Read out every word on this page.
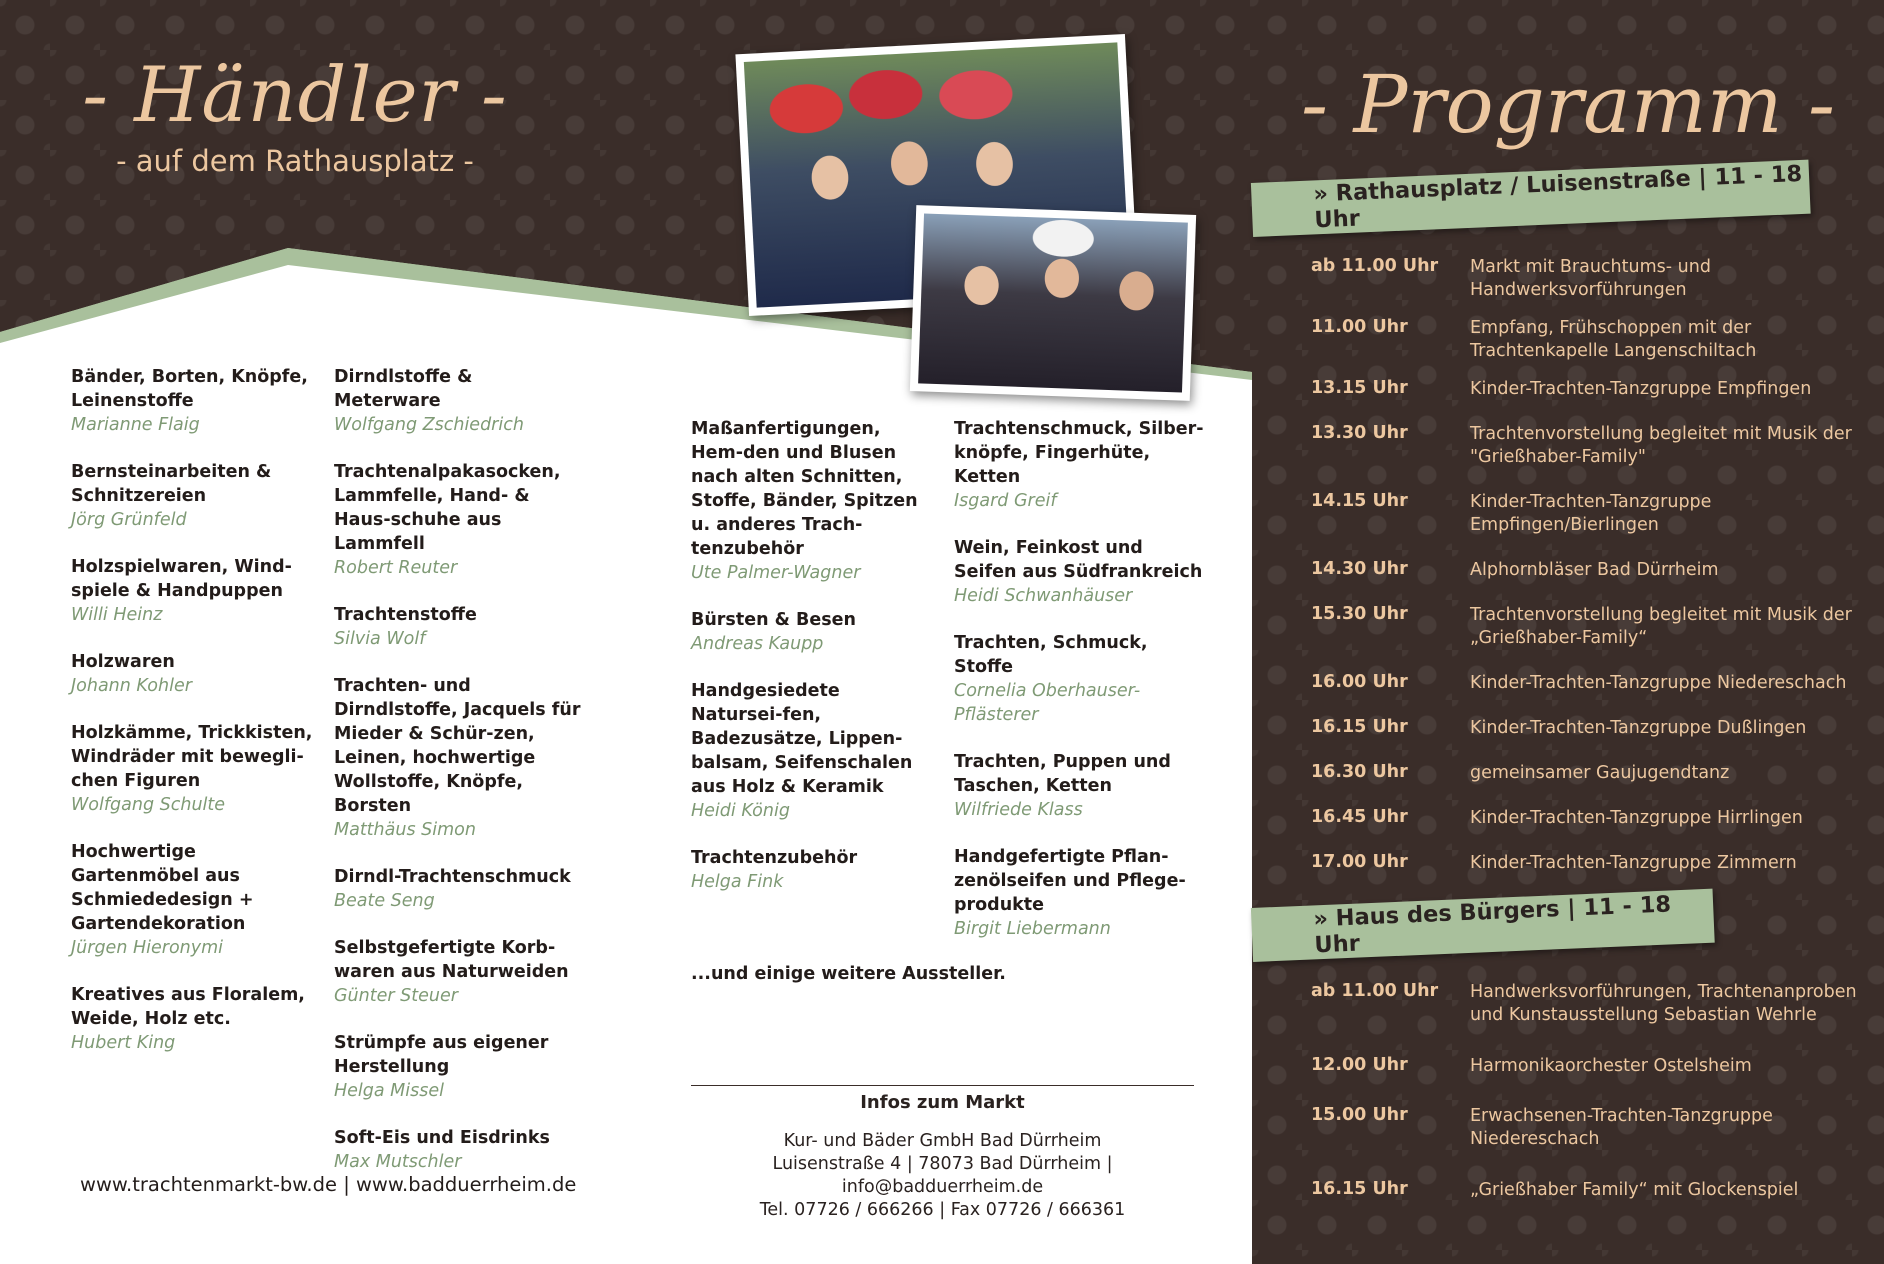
- Händler -
- auf dem Rathausplatz -
Bänder, Borten, Knöpfe, Leinenstoffe
Marianne Flaig
Bernsteinarbeiten & Schnitzereien
Jörg Grünfeld
Holzspielwaren, Wind-spiele & Handpuppen
Willi Heinz
Holzwaren
Johann Kohler
Holzkämme, Trickkisten, Windräder mit bewegli-chen Figuren
Wolfgang Schulte
Hochwertige Gartenmöbel aus Schmiededesign + Gartendekoration
Jürgen Hieronymi
Kreatives aus Floralem, Weide, Holz etc.
Hubert King
Dirndlstoffe & Meterware
Wolfgang Zschiedrich
Trachtenalpakasocken, Lammfelle, Hand- & Haus-schuhe aus Lammfell
Robert Reuter
Trachtenstoffe
Silvia Wolf
Trachten- und Dirndlstoffe, Jacquels für Mieder & Schür-zen, Leinen, hochwertige Wollstoffe, Knöpfe, Borsten
Matthäus Simon
Dirndl-Trachtenschmuck
Beate Seng
Selbstgefertigte Korb-waren aus Naturweiden
Günter Steuer
Strümpfe aus eigener Herstellung
Helga Missel
Soft-Eis und Eisdrinks
Max Mutschler
Maßanfertigungen, Hem-den und Blusen nach alten Schnitten, Stoffe, Bänder, Spitzen u. anderes Trach-tenzubehör
Ute Palmer-Wagner
Bürsten & Besen
Andreas Kaupp
Handgesiedete Natursei-fen, Badezusätze, Lippen-balsam, Seifenschalen aus Holz & Keramik
Heidi König
Trachtenzubehör
Helga Fink
Trachtenschmuck, Silber-knöpfe, Fingerhüte, Ketten
Isgard Greif
Wein, Feinkost und Seifen aus Südfrankreich
Heidi Schwanhäuser
Trachten, Schmuck, Stoffe
Cornelia Oberhauser-Pflästerer
Trachten, Puppen und Taschen, Ketten
Wilfriede Klass
Handgefertigte Pflan-zenölseifen und Pflege-produkte
Birgit Liebermann
...und einige weitere Aussteller.
Infos zum Markt
Kur- und Bäder GmbH Bad Dürrheim
Luisenstraße 4 | 78073 Bad Dürrheim | info@badduerrheim.de
Tel. 07726 / 666266 | Fax 07726 / 666361
www.trachtenmarkt-bw.de | www.badduerrheim.de
- Programm -
» Rathausplatz / Luisenstraße | 11 - 18 Uhr
ab 11.00 Uhr Markt mit Brauchtums- und Handwerksvorführungen
11.00 Uhr	Empfang, Frühschoppen mit der Trachtenkapelle Langenschiltach
13.15 Uhr	Kinder-Trachten-Tanzgruppe Empfingen
13.30 Uhr	Trachtenvorstellung begleitet mit Musik der "Grießhaber-Family"
14.15 Uhr	Kinder-Trachten-Tanzgruppe Empfingen/Bierlingen
14.30 Uhr	Alphornbläser Bad Dürrheim
15.30 Uhr	Trachtenvorstellung begleitet mit Musik der „Grießhaber-Family“
16.00 Uhr	Kinder-Trachten-Tanzgruppe Niedereschach
16.15 Uhr	Kinder-Trachten-Tanzgruppe Dußlingen
16.30 Uhr	gemeinsamer Gaujugendtanz
16.45 Uhr	Kinder-Trachten-Tanzgruppe Hirrlingen
17.00 Uhr	Kinder-Trachten-Tanzgruppe Zimmern
» Haus des Bürgers | 11 - 18 Uhr
ab 11.00 Uhr Handwerksvorführungen, Trachtenanproben und Kunstausstellung Sebastian Wehrle
12.00 Uhr	Harmonikaorchester Ostelsheim
15.00 Uhr	Erwachsenen-Trachten-Tanzgruppe Niedereschach
16.15 Uhr	„Grießhaber Family“ mit Glockenspiel
